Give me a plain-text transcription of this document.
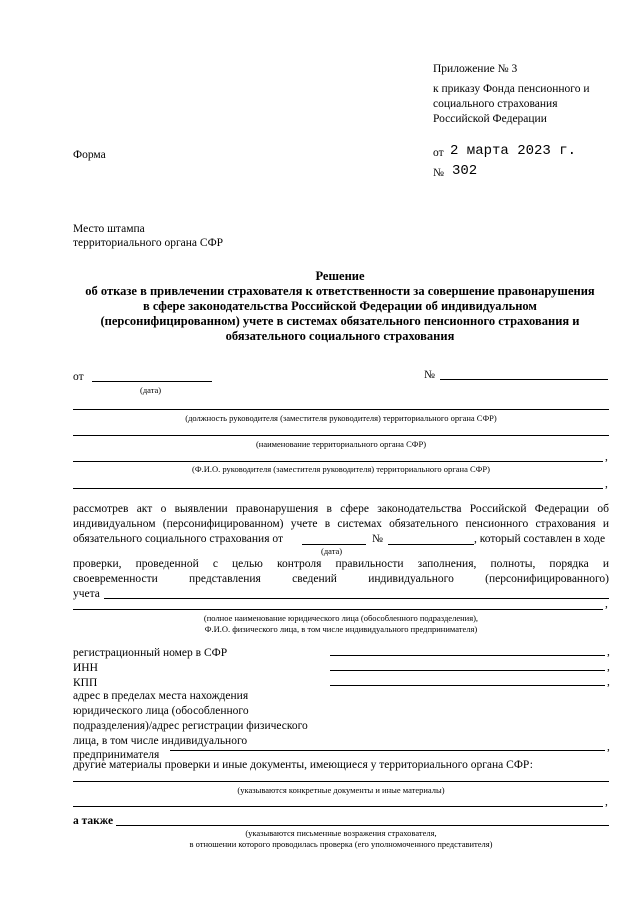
Приложение № 3
к приказу Фонда пенсионного и
социального страхования
Российской Федерации
от 2 марта 2023 г.
№ 302
Форма
Место штампа
территориального органа СФР
Решение
об отказе в привлечении страхователя к ответственности за совершение правонарушения
в сфере законодательства Российской Федерации об индивидуальном
(персонифицированном) учете в системах обязательного пенсионного страхования и
обязательного социального страхования
от
(дата)
№
(должность руководителя (заместителя руководителя) территориального органа СФР)
(наименование территориального органа СФР)
,
(Ф.И.О. руководителя (заместителя руководителя) территориального органа СФР)
,
рассмотрев акт о выявлении правонарушения в сфере законодательства Российской Федерации об
индивидуальном (персонифицированном) учете в системах обязательного пенсионного страхования и
обязательного социального страхования от	№	, который составлен в ходе
(дата)
проверки, проведенной с целью контроля правильности заполнения, полноты, порядка и
своевременности представления сведений индивидуального (персонифицированного)
учета
,
(полное наименование юридического лица (обособленного подразделения),
Ф.И.О. физического лица, в том числе индивидуального предпринимателя)
регистрационный номер в СФР	,
ИНН	,
КПП	,
адрес в пределах места нахождения
юридического лица (обособленного
подразделения)/адрес регистрации физического
лица, в том числе индивидуального
предпринимателя
,
другие материалы проверки и иные документы, имеющиеся у территориального органа СФР:
(указываются конкретные документы и иные материалы)
,
а также
(указываются письменные возражения страхователя,
в отношении которого проводилась проверка (его уполномоченного представителя)
